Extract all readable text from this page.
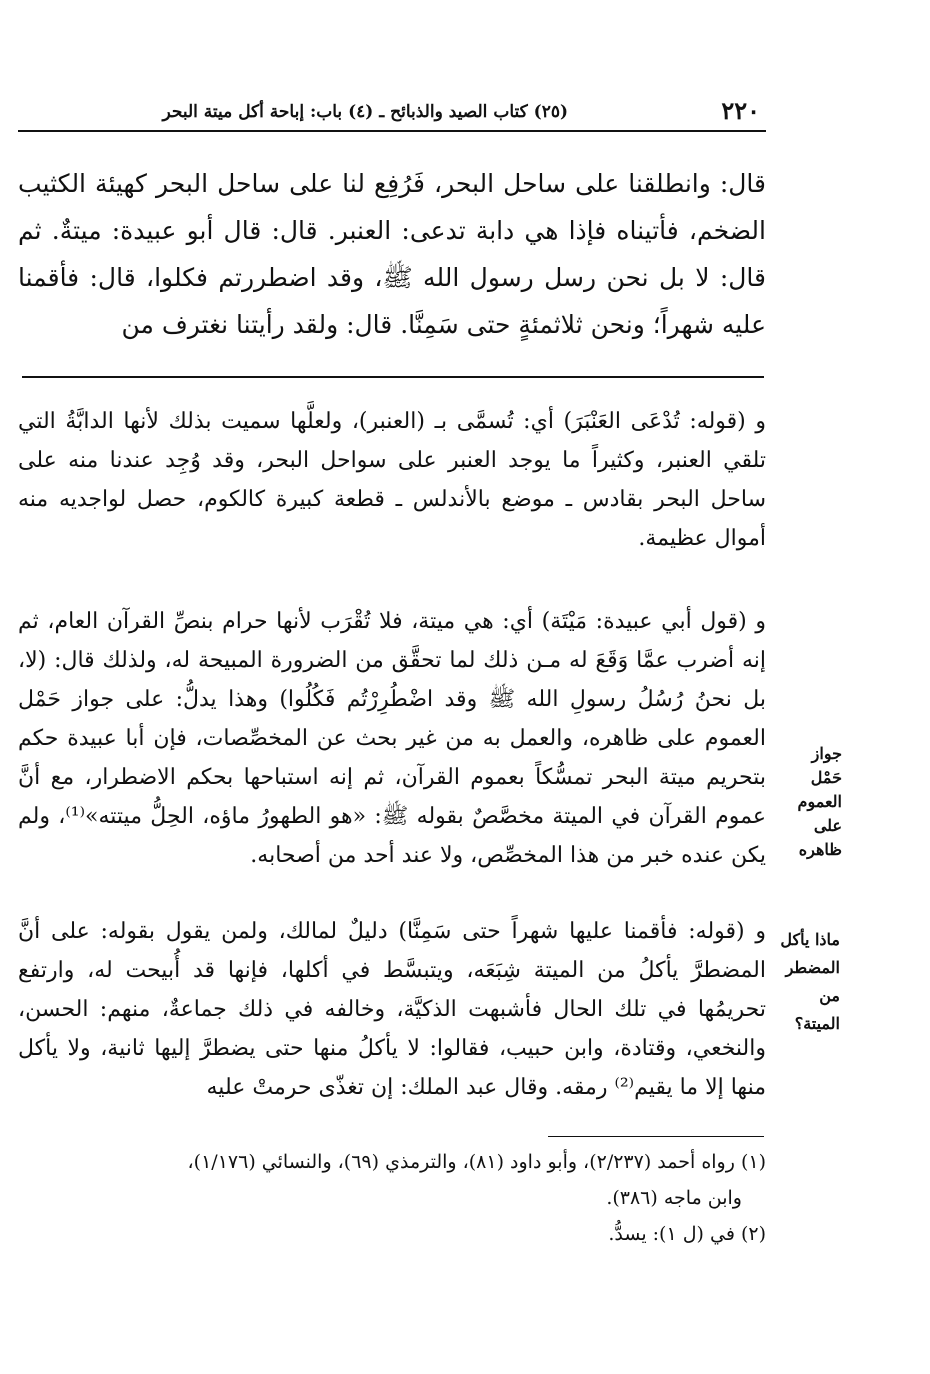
٢٢٠
(٢٥) كتاب الصيد والذبائح ـ (٤) باب: إباحة أكل ميتة البحر
قال: وانطلقنا على ساحل البحر، فَرُفِع لنا على ساحل البحر كهيئة الكثيب الضخم، فأتيناه فإذا هي دابة تدعى: العنبر. قال: قال أبو عبيدة: ميتةٌ. ثم قال: لا بل نحن رسل رسول الله ﷺ، وقد اضطررتم فكلوا، قال: فأقمنا عليه شهراً؛ ونحن ثلاثمئةٍ حتى سَمِنَّا. قال: ولقد رأيتنا نغترف من

و (قوله: تُدْعَى العَنْبَرَ) أي: تُسمَّى بـ (العنبر)، ولعلَّها سميت بذلك لأنها الدابَّةُ التي تلقي العنبر، وكثيراً ما يوجد العنبر على سواحل البحر، وقد وُجِد عندنا منه على ساحل البحر بقادس ـ موضع بالأندلس ـ قطعة كبيرة كالكوم، حصل لواجديه منه أموال عظيمة.

و (قول أبي عبيدة: مَيْتَة) أي: هي ميتة، فلا تُقْرَب لأنها حرام بنصِّ القرآن العام، ثم إنه أضرب عمَّا وَقَعَ له مـن ذلك لما تحقَّق من الضرورة المبيحة له، ولذلك قال: (لا، بل نحنُ رُسُلُ رسولِ الله ﷺ وقد اضْطُرِرْتُم فَكُلُوا) وهذا يدلُّ: على جواز حَمْل العموم على ظاهره، والعمل به من غير بحث عن المخصِّصات، فإن أبا عبيدة حكم بتحريم ميتة البحر تمسُّكاً بعموم القرآن، ثم إنه استباحها بحكم الاضطرار، مع أنَّ عموم القرآن في الميتة مخصَّصٌ بقوله ﷺ: «هو الطهورُ ماؤه، الحِلُّ ميتته»⁽¹⁾، ولم يكن عنده خبر من هذا المخصِّص، ولا عند أحد من أصحابه.

و (قوله: فأقمنا عليها شهراً حتى سَمِنَّا) دليلٌ لمالك، ولمن يقول بقوله: على أنَّ المضطرَّ يأكلُ من الميتة شِبَعَه، ويتبسَّط في أكلها، فإنها قد أُبيحت له، وارتفع تحريمُها في تلك الحال فأشبهت الذكيَّة، وخالفه في ذلك جماعةٌ، منهم: الحسن، والنخعي، وقتادة، وابن حبيب، فقالوا: لا يأكلُ منها حتى يضطرَّ إليها ثانية، ولا يأكل منها إلا ما يقيم⁽²⁾ رمقه. وقال عبد الملك: إن تغذّى حرمتْ عليه

جواز حَمْل العموم على ظاهره
ماذا يأكل المضطر من الميتة؟

(١) رواه أحمد (٢/٢٣٧)، وأبو داود (٨١)، والترمذي (٦٩)، والنسائي (١/١٧٦)،

وابن ماجه (٣٨٦).

(٢) في (ل ١): يسدُّ.
